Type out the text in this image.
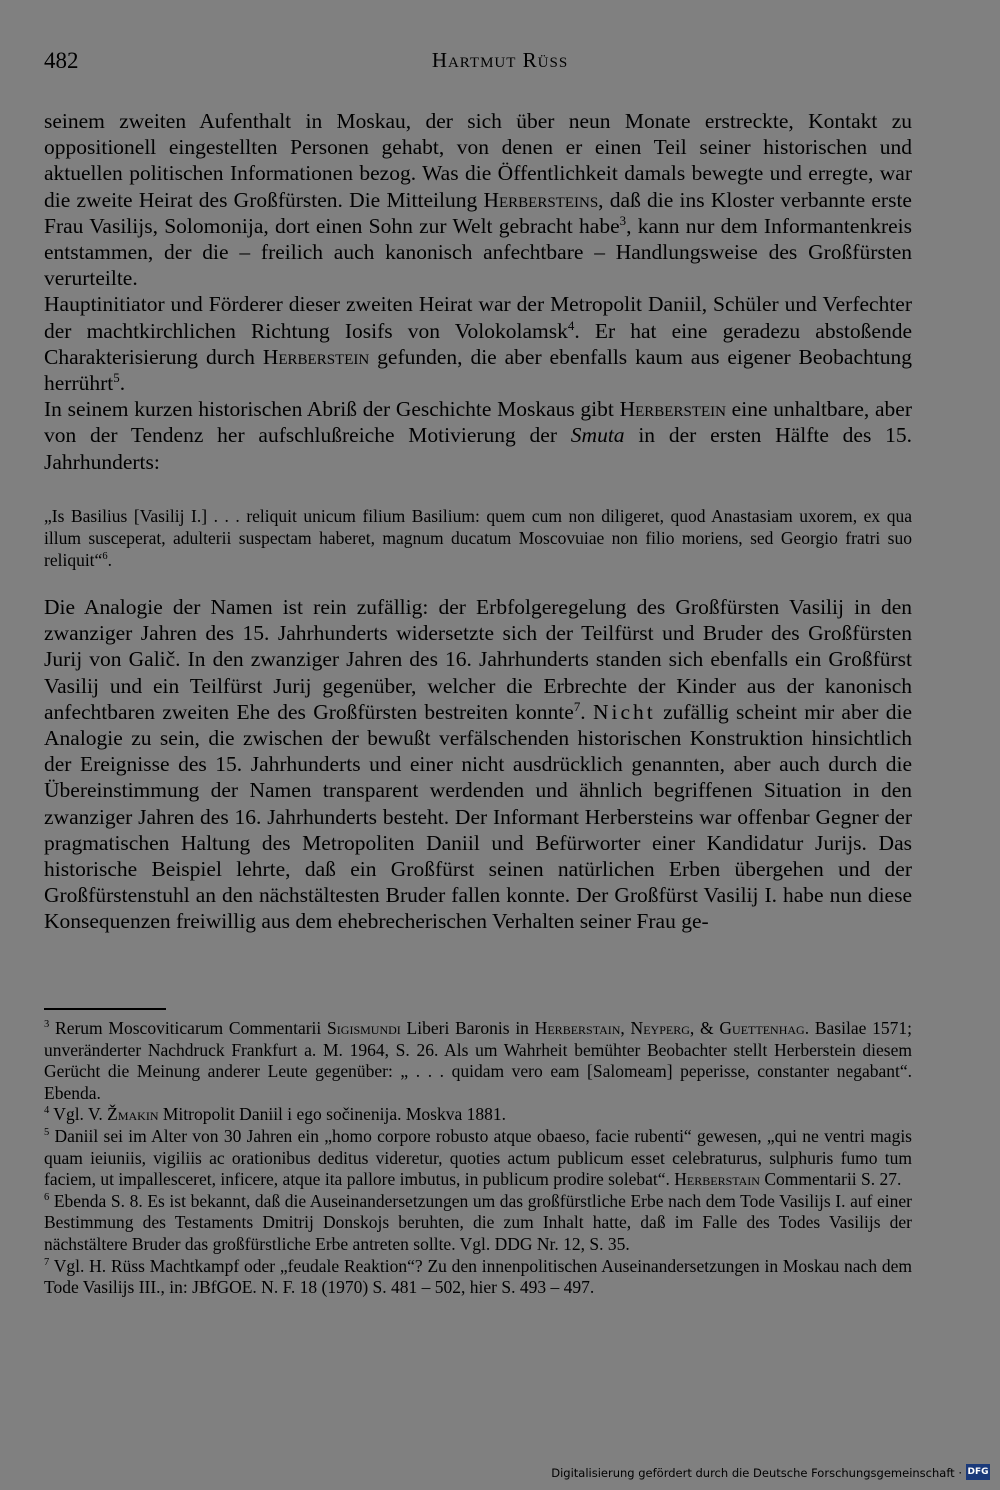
482	Hartmut Rüss

seinem zweiten Aufenthalt in Moskau, der sich über neun Monate erstreckte, Kontakt zu oppositionell eingestellten Personen gehabt, von denen er einen Teil seiner historischen und aktuellen politischen Informationen bezog. Was die Öffentlichkeit damals bewegte und erregte, war die zweite Heirat des Großfürsten. Die Mitteilung Herbersteins, daß die ins Kloster verbannte erste Frau Vasilijs, Solomonija, dort einen Sohn zur Welt gebracht habe$^3$, kann nur dem Informantenkreis entstammen, der die – freilich auch kanonisch anfechtbare – Handlungsweise des Großfürsten verurteilte.

Hauptinitiator und Förderer dieser zweiten Heirat war der Metropolit Daniil, Schüler und Verfechter der machtkirchlichen Richtung Iosifs von Volokolamsk$^4$. Er hat eine geradezu abstoßende Charakterisierung durch Herberstein gefunden, die aber ebenfalls kaum aus eigener Beobachtung herrührt$^5$.

In seinem kurzen historischen Abriß der Geschichte Moskaus gibt Herberstein eine unhaltbare, aber von der Tendenz her aufschlußreiche Motivierung der Smuta in der ersten Hälfte des 15. Jahrhunderts:

„Is Basilius [Vasilij I.] . . . reliquit unicum filium Basilium: quem cum non diligeret, quod Anastasiam uxorem, ex qua illum susceperat, adulterii suspectam haberet, magnum ducatum Moscovuiae non filio moriens, sed Georgio fratri suo reliquit“$^6$.
Die Analogie der Namen ist rein zufällig: der Erbfolgeregelung des Großfürsten Vasilij in den zwanziger Jahren des 15. Jahrhunderts widersetzte sich der Teilfürst und Bruder des Großfürsten Jurij von Galič. In den zwanziger Jahren des 16. Jahrhunderts standen sich ebenfalls ein Großfürst Vasilij und ein Teilfürst Jurij gegenüber, welcher die Erbrechte der Kinder aus der kanonisch anfechtbaren zweiten Ehe des Großfürsten bestreiten konnte$^7$. Nicht zufällig scheint mir aber die Analogie zu sein, die zwischen der bewußt verfälschenden historischen Konstruktion hinsichtlich der Ereignisse des 15. Jahrhunderts und einer nicht ausdrücklich genannten, aber auch durch die Übereinstimmung der Namen transparent werdenden und ähnlich begriffenen Situation in den zwanziger Jahren des 16. Jahrhunderts besteht. Der Informant Herbersteins war offenbar Gegner der pragmatischen Haltung des Metropoliten Daniil und Befürworter einer Kandidatur Jurijs. Das historische Beispiel lehrte, daß ein Großfürst seinen natürlichen Erben übergehen und der Großfürstenstuhl an den nächstältesten Bruder fallen konnte. Der Großfürst Vasilij I. habe nun diese Konsequenzen freiwillig aus dem ehebrecherischen Verhalten seiner Frau ge-

$^3$ Rerum Moscoviticarum Commentarii Sigismundi Liberi Baronis in Herberstain, Neyperg, & Guettenhag. Basilae 1571; unveränderter Nachdruck Frankfurt a. M. 1964, S. 26. Als um Wahrheit bemühter Beobachter stellt Herberstein diesem Gerücht die Meinung anderer Leute gegenüber: „ . . . quidam vero eam [Salomeam] peperisse, constanter negabant“. Ebenda.

$^4$ Vgl. V. Žmakin Mitropolit Daniil i ego sočinenija. Moskva 1881.

$^5$ Daniil sei im Alter von 30 Jahren ein „homo corpore robusto atque obaeso, facie rubenti“ gewesen, „qui ne ventri magis quam ieiuniis, vigiliis ac orationibus deditus videretur, quoties actum publicum esset celebraturus, sulphuris fumo tum faciem, ut impallesceret, inficere, atque ita pallore imbutus, in publicum prodire solebat“. Herberstain Commentarii S. 27.

$^6$ Ebenda S. 8. Es ist bekannt, daß die Auseinandersetzungen um das großfürstliche Erbe nach dem Tode Vasilijs I. auf einer Bestimmung des Testaments Dmitrij Donskojs beruhten, die zum Inhalt hatte, daß im Falle des Todes Vasilijs der nächstältere Bruder das großfürstliche Erbe antreten sollte. Vgl. DDG Nr. 12, S. 35.

$^7$ Vgl. H. Rüss Machtkampf oder „feudale Reaktion“? Zu den innenpolitischen Auseinandersetzungen in Moskau nach dem Tode Vasilijs III., in: JBfGOE. N. F. 18 (1970) S. 481 – 502, hier S. 493 – 497.

Digitalisierung gefördert durch die Deutsche Forschungsgemeinschaft · DFG
